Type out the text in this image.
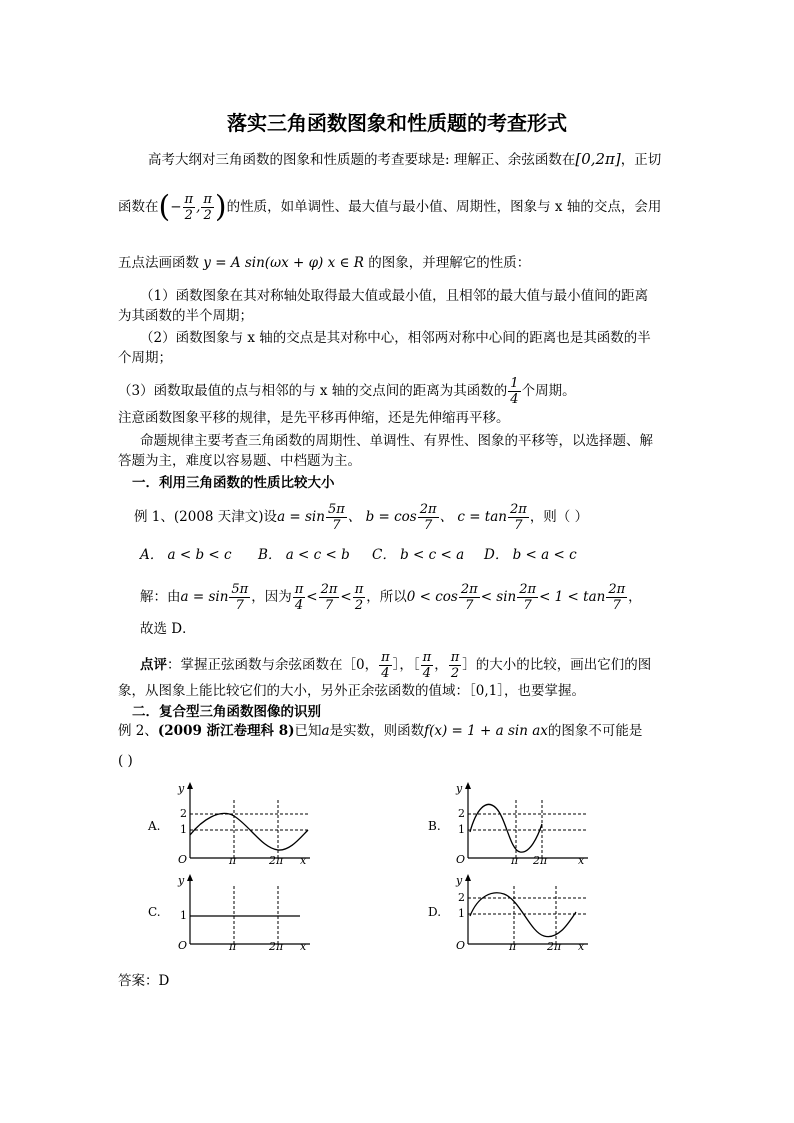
落实三角函数图象和性质题的考查形式
高考大纲对三角函数的图象和性质题的考查要球是: 理解正、余弦函数在[0,2π]，正切
函数在(− $\frac{\pi}{2}$ , $\frac{\pi}{2}$ )的性质，如单调性、最大值与最小值、周期性，图象与 x 轴的交点，会用
五点法画函数 y = A sin(ωx + φ) x ∈ R 的图象，并理解它的性质：
（1）函数图象在其对称轴处取得最大值或最小值，且相邻的最大值与最小值间的距离
为其函数的半个周期；
（2）函数图象与 x 轴的交点是其对称中心，相邻两对称中心间的距离也是其函数的半
个周期；
（3）函数取最值的点与相邻的与 x 轴的交点间的距离为其函数的 $\frac{1}{4}$ 个周期。
注意函数图象平移的规律，是先平移再伸缩，还是先伸缩再平移。
命题规律主要考查三角函数的周期性、单调性、有界性、图象的平移等，以选择题、解
答题为主，难度以容易题、中档题为主。
一．利用三角函数的性质比较大小
例 1、(2008 天津文)设$a = \sin \frac{5\pi}{7}$ 、 $b = \cos \frac{2\pi}{7}$ 、 $c = \tan \frac{2\pi}{7}$ ，则（ ）
A． a < b < c B． a < c < b C． b < c < a D． b < a < c
解：由$a = \sin \frac{5\pi}{7}$ ，因为 $\frac{\pi}{4} < \frac{2\pi}{7} < \frac{\pi}{2}$ ，所以$0 < \cos \frac{2\pi}{7} < \sin \frac{2\pi}{7} < 1 < \tan \frac{2\pi}{7}$ ，
故选 D．
点评：掌握正弦函数与余弦函数在［0， $\frac{\pi}{4}$ ］，［ $\frac{\pi}{4}$ ， $\frac{\pi}{2}$ ］的大小的比较，画出它们的图
象，从图象上能比较它们的大小，另外正余弦函数的值域：［0,1］，也要掌握。
二．复合型三角函数图像的识别
例 2、(2009 浙江卷理科 8)已知a是实数，则函数f(x) = 1 + a sin ax的图象不可能是
( )
A.
y
2
1
O	π	2π x
B.
y
2
1
O	π 2π	x
C.
y
1
O	π	2π x
D.
y
2
1
O	π	2π x
答案：D
